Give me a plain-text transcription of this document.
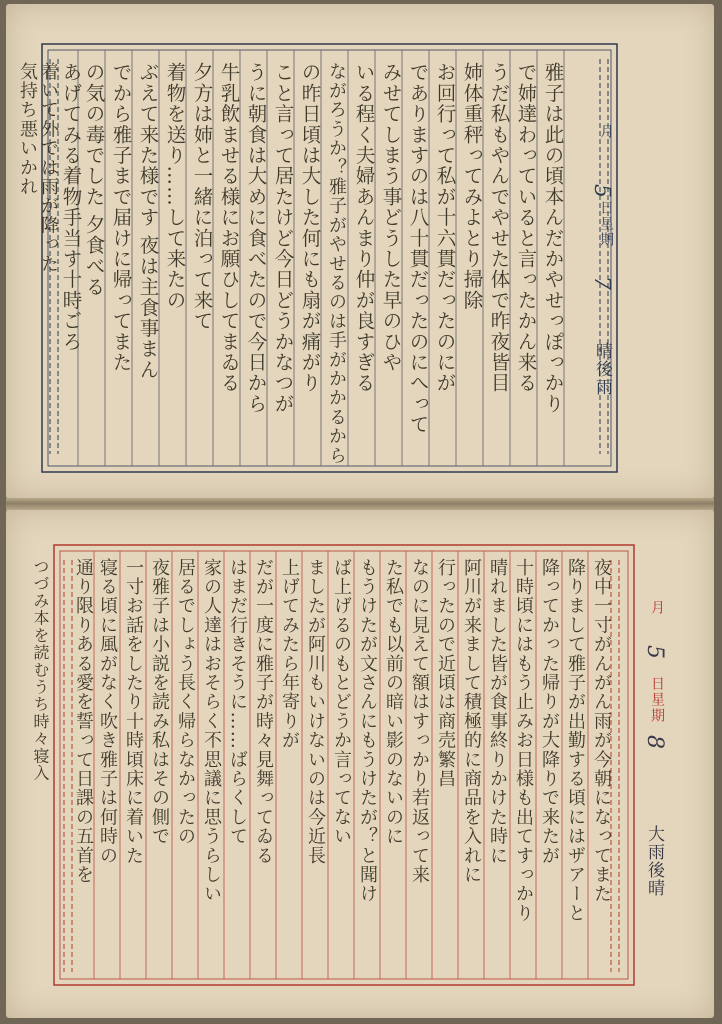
月日星期
5
7
晴後雨
雅子は此の頃本んだかやせっぽっかり
で姉達わっていると言ったかん来る
うだ私もやんでやせた体で昨夜皆目
姉体重秤ってみよとり掃除
お回行って私が十六貫だったのにが
でありますのは八十貫だったのにへって
みせてしまう事どうした早のひや
いる程く夫婦あんまり仲が良すぎる
ながろうか？雅子がやせるのは手がかかるから
の昨日頃は大した何にも扇が痛がり
こと言って居たけど今日どうかなつが
うに朝食は大めに食べたので今日から
牛乳飲ませる様にお願ひしてまゐる
夕方は姉と一緒に泊って来て
着物を送り……して来たの
ぶえて来た様です 夜は主食事まん
でから雅子まで届けに帰ってまた
の気の毒でした 夕食べる
あげてみる着物手当す十時ごろ
着いて外では雨が降った
気持ち悪いかれ
月日星期
5
8
大雨後晴
夜中一寸がんがん雨が今朝になってまた
降りまして雅子が出勤する頃にはザアーと
降ってかった帰りが大降りで来たが
十時頃にはもう止みお日様も出てすっかり
晴れました皆が食事終りかけた時に
阿川が来まして積極的に商品を入れに
行ったので近頃は商売繁昌
なのに見えて額はすっかり若返って来
た私でも以前の暗い影のないのに
もうけたが文さんにもうけたが？と聞け
ば上げるのもとどうか言ってない
ましたが阿川もいけないのは今近長
上げてみたら年寄りが
だが一度に雅子が時々見舞ってゐる
はまだ行きそうに……ばらくして
家の人達はおそらく不思議に思うらしい
居るでしょう長く帰らなかったの
夜雅子は小説を読み私はその側で
一寸お話をしたり十時頃床に着いた
寝る頃に風がなく吹き雅子は何時の
通り限りある愛を誓って日課の五首を
つづみ本を読むうち時々寝入
